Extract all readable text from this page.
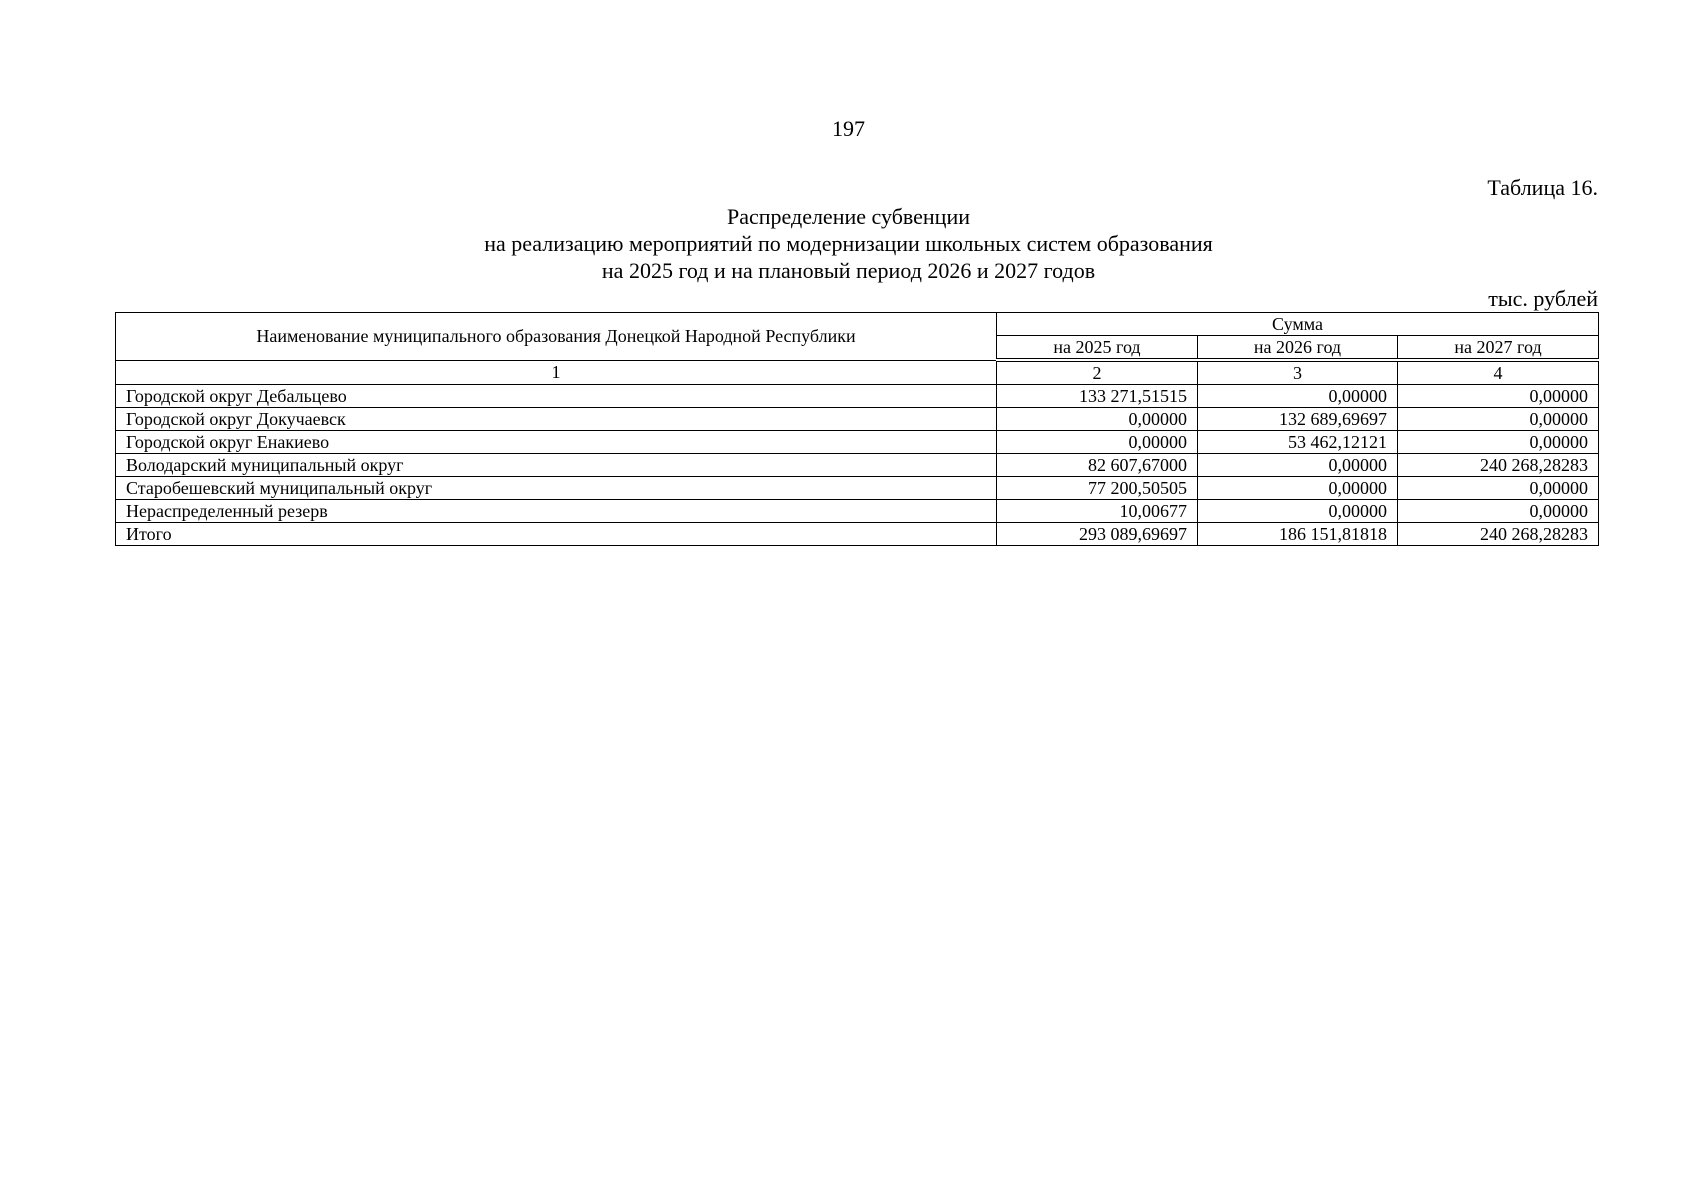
197
Таблица 16.
Распределение субвенции
на реализацию мероприятий по модернизации школьных систем образования
на 2025 год и на плановый период 2026 и 2027 годов
тыс. рублей
Наименование муниципального образования Донецкой Народной Республики	Сумма		
	на 2025 год	на 2026 год	на 2027 год
1	2	3	4
Городской округ Дебальцево	133 271,51515	0,00000	0,00000
Городской округ Докучаевск	0,00000	132 689,69697	0,00000
Городской округ Енакиево	0,00000	53 462,12121	0,00000
Володарский муниципальный округ	82 607,67000	0,00000	240 268,28283
Старобешевский муниципальный округ	77 200,50505	0,00000	0,00000
Нераспределенный резерв	10,00677	0,00000	0,00000
Итого	293 089,69697	186 151,81818	240 268,28283
